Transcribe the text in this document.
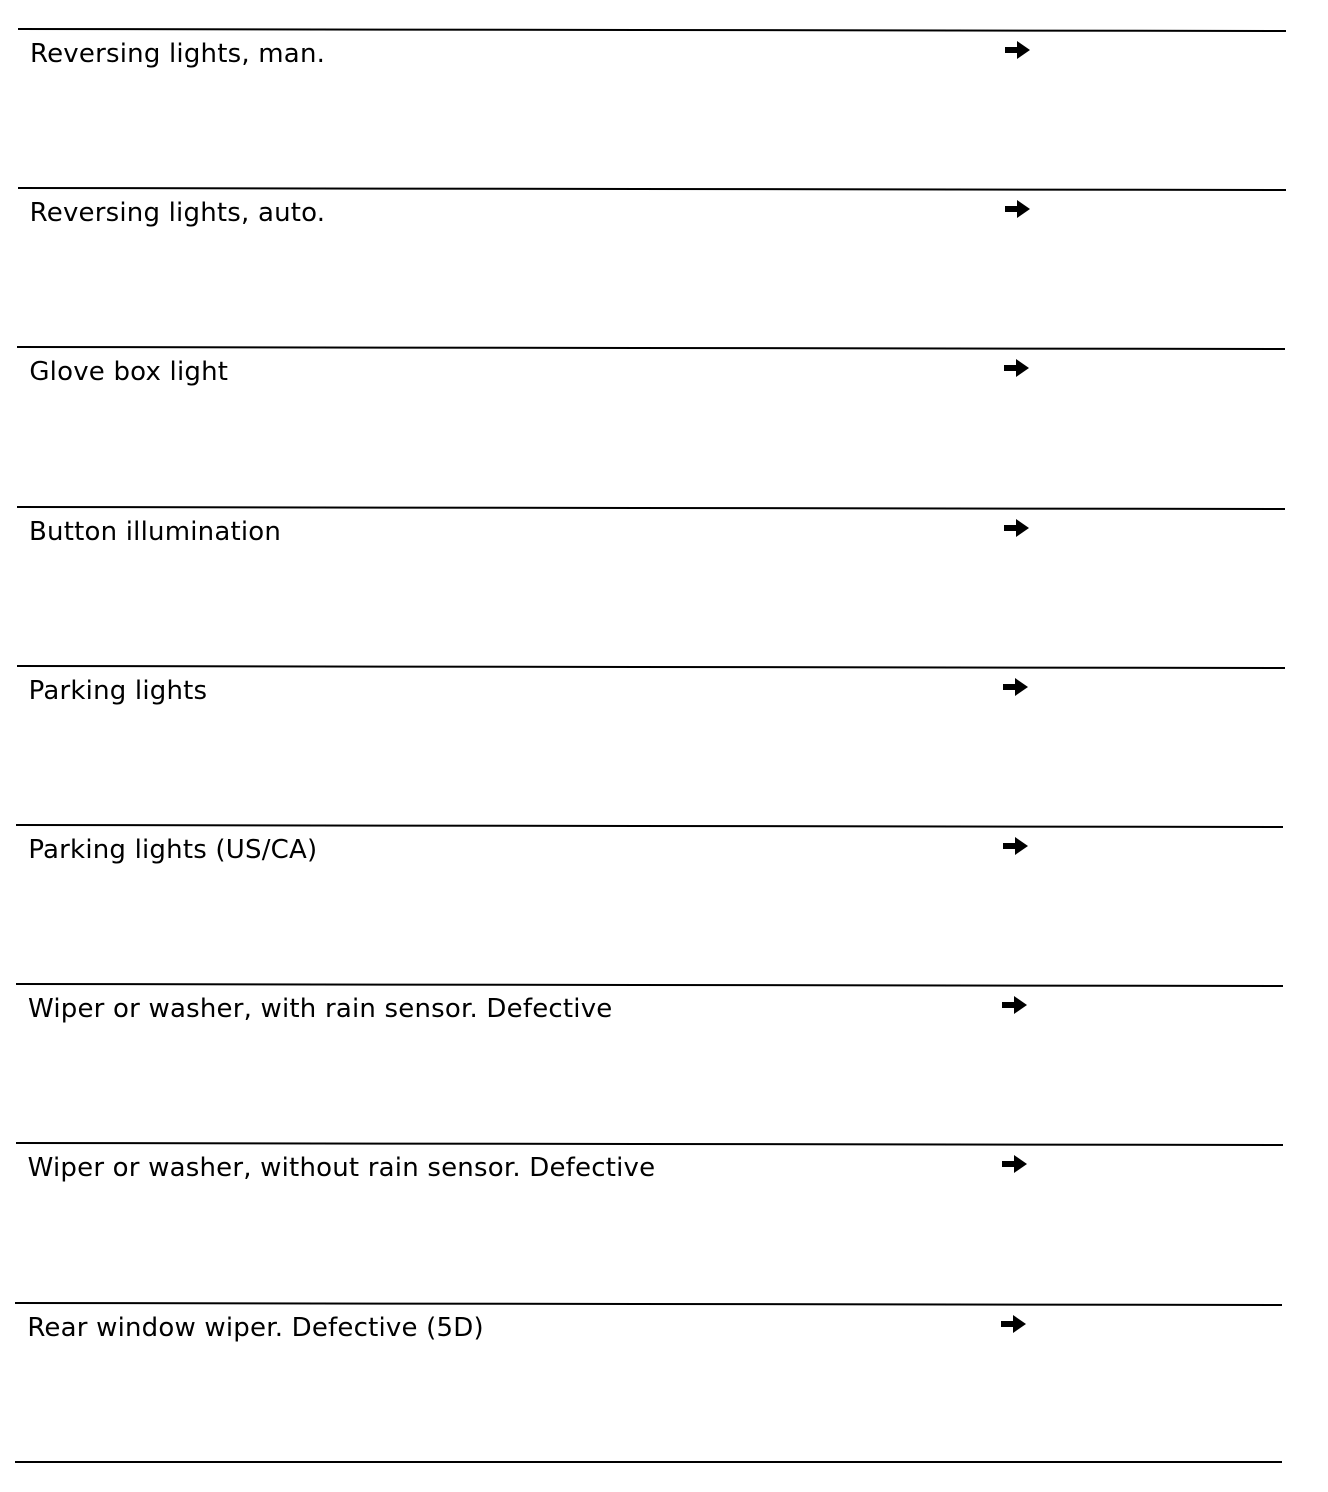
Reversing lights, man.
Reversing lights, auto.
Glove box light
Button illumination
Parking lights
Parking lights (US/CA)
Wiper or washer, with rain sensor. Defective
Wiper or washer, without rain sensor. Defective
Rear window wiper. Defective (5D)
